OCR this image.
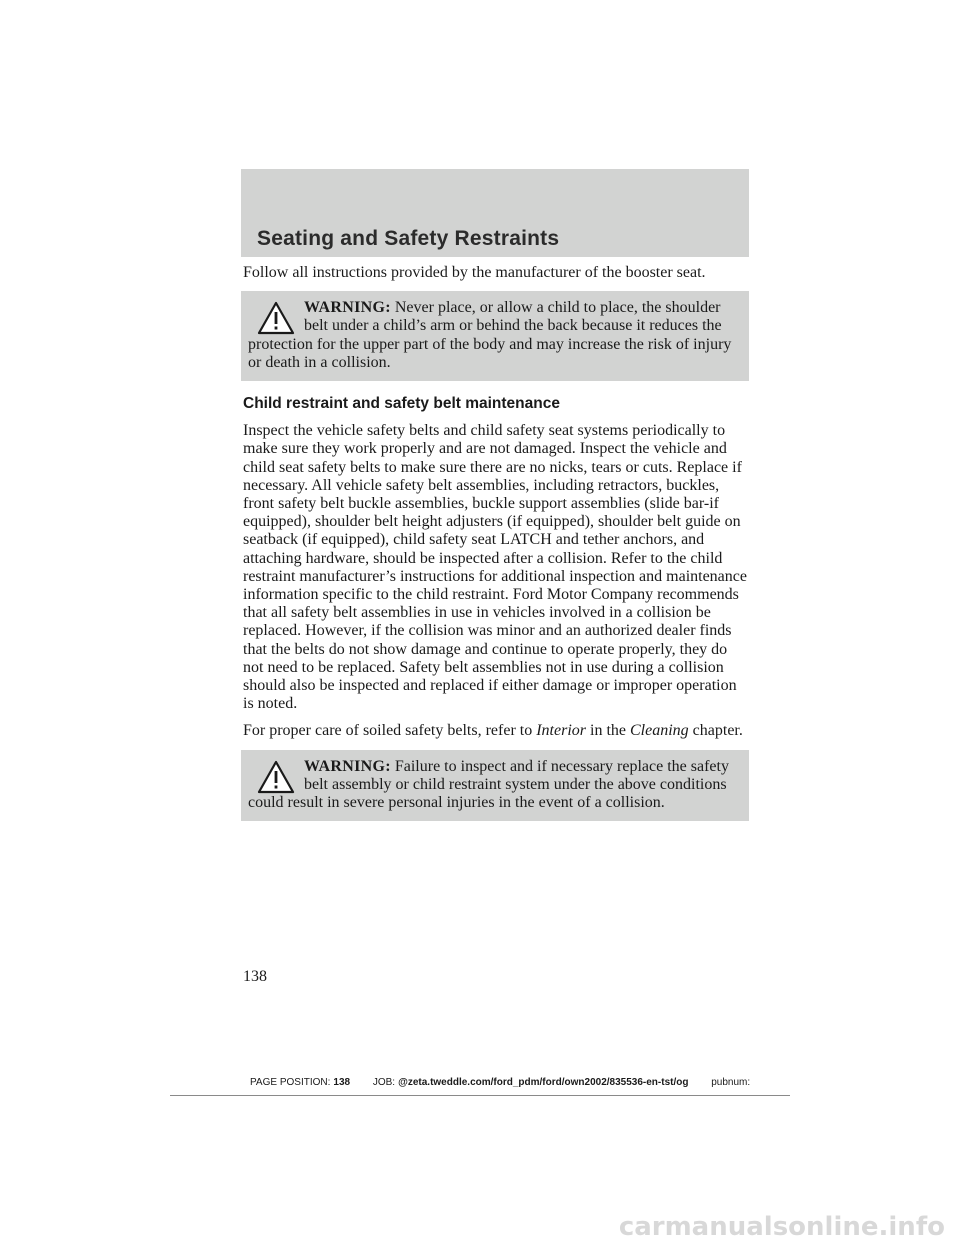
Seating and Safety Restraints

Follow all instructions provided by the manufacturer of the booster seat.

WARNING: Never place, or allow a child to place, the shoulder belt under a child’s arm or behind the back because it reduces the protection for the upper part of the body and may increase the risk of injury or death in a collision.
Child restraint and safety belt maintenance

Inspect the vehicle safety belts and child safety seat systems periodically to make sure they work properly and are not damaged. Inspect the vehicle and child seat safety belts to make sure there are no nicks, tears or cuts. Replace if necessary. All vehicle safety belt assemblies, including retractors, buckles, front safety belt buckle assemblies, buckle support assemblies (slide bar-if equipped), shoulder belt height adjusters (if equipped), shoulder belt guide on seatback (if equipped), child safety seat LATCH and tether anchors, and attaching hardware, should be inspected after a collision. Refer to the child restraint manufacturer’s instructions for additional inspection and maintenance information specific to the child restraint. Ford Motor Company recommends that all safety belt assemblies in use in vehicles involved in a collision be replaced. However, if the collision was minor and an authorized dealer finds that the belts do not show damage and continue to operate properly, they do not need to be replaced. Safety belt assemblies not in use during a collision should also be inspected and replaced if either damage or improper operation is noted.

For proper care of soiled safety belts, refer to Interior in the Cleaning chapter.

WARNING: Failure to inspect and if necessary replace the safety belt assembly or child restraint system under the above conditions could result in severe personal injuries in the event of a collision.
138
PAGE POSITION: 138 JOB: @zeta.tweddle.com/ford_pdm/ford/own2002/835536-en-tst/og pubnum:
carmanualsonline.info
